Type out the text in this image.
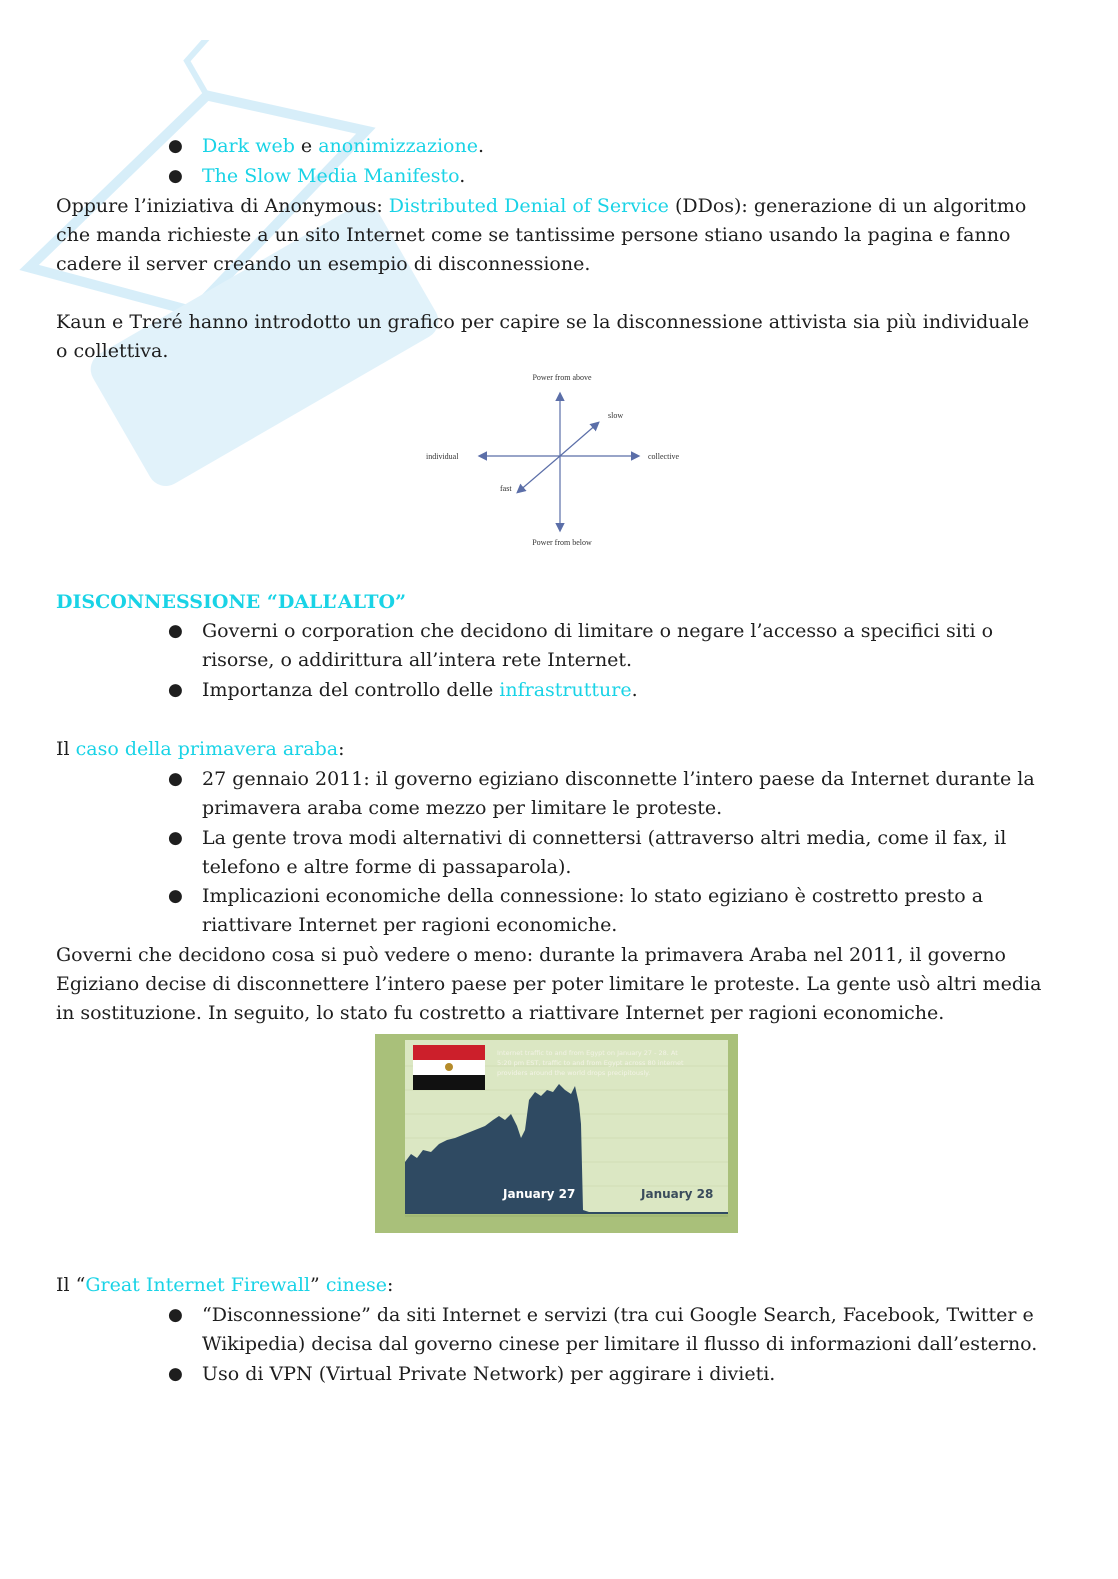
●	Dark web e anonimizzazione.
●	The Slow Media Manifesto.
Oppure l’iniziativa di Anonymous: Distributed Denial of Service (DDos): generazione di un algoritmo
che manda richieste a un sito Internet come se tantissime persone stiano usando la pagina e fanno
cadere il server creando un esempio di disconnessione.
Kaun e Treré hanno introdotto un grafico per capire se la disconnessione attivista sia più individuale
o collettiva.
Power from above
Power from below
individual	collective
slow
fast
DISCONNESSIONE “DALL’ALTO”
●	Governi o corporation che decidono di limitare o negare l’accesso a specifici siti o
risorse, o addirittura all’intera rete Internet.
●	Importanza del controllo delle infrastrutture.
Il caso della primavera araba:
●	27 gennaio 2011: il governo egiziano disconnette l’intero paese da Internet durante la
primavera araba come mezzo per limitare le proteste.
●	La gente trova modi alternativi di connettersi (attraverso altri media, come il fax, il
telefono e altre forme di passaparola).
●	Implicazioni economiche della connessione: lo stato egiziano è costretto presto a
riattivare Internet per ragioni economiche.
Governi che decidono cosa si può vedere o meno: durante la primavera Araba nel 2011, il governo
Egiziano decise di disconnettere l’intero paese per poter limitare le proteste. La gente usò altri media
in sostituzione. In seguito, lo stato fu costretto a riattivare Internet per ragioni economiche.
Internet traffic to and from Egypt on January 27 - 28. At
5:20 pm EST, traffic to and from Egypt across 80 internet
providers around the world drops precipitously.
January 27	January 28
Il “Great Internet Firewall” cinese:
●	“Disconnessione” da siti Internet e servizi (tra cui Google Search, Facebook, Twitter e
Wikipedia) decisa dal governo cinese per limitare il flusso di informazioni dall’esterno.
●	Uso di VPN (Virtual Private Network) per aggirare i divieti.
